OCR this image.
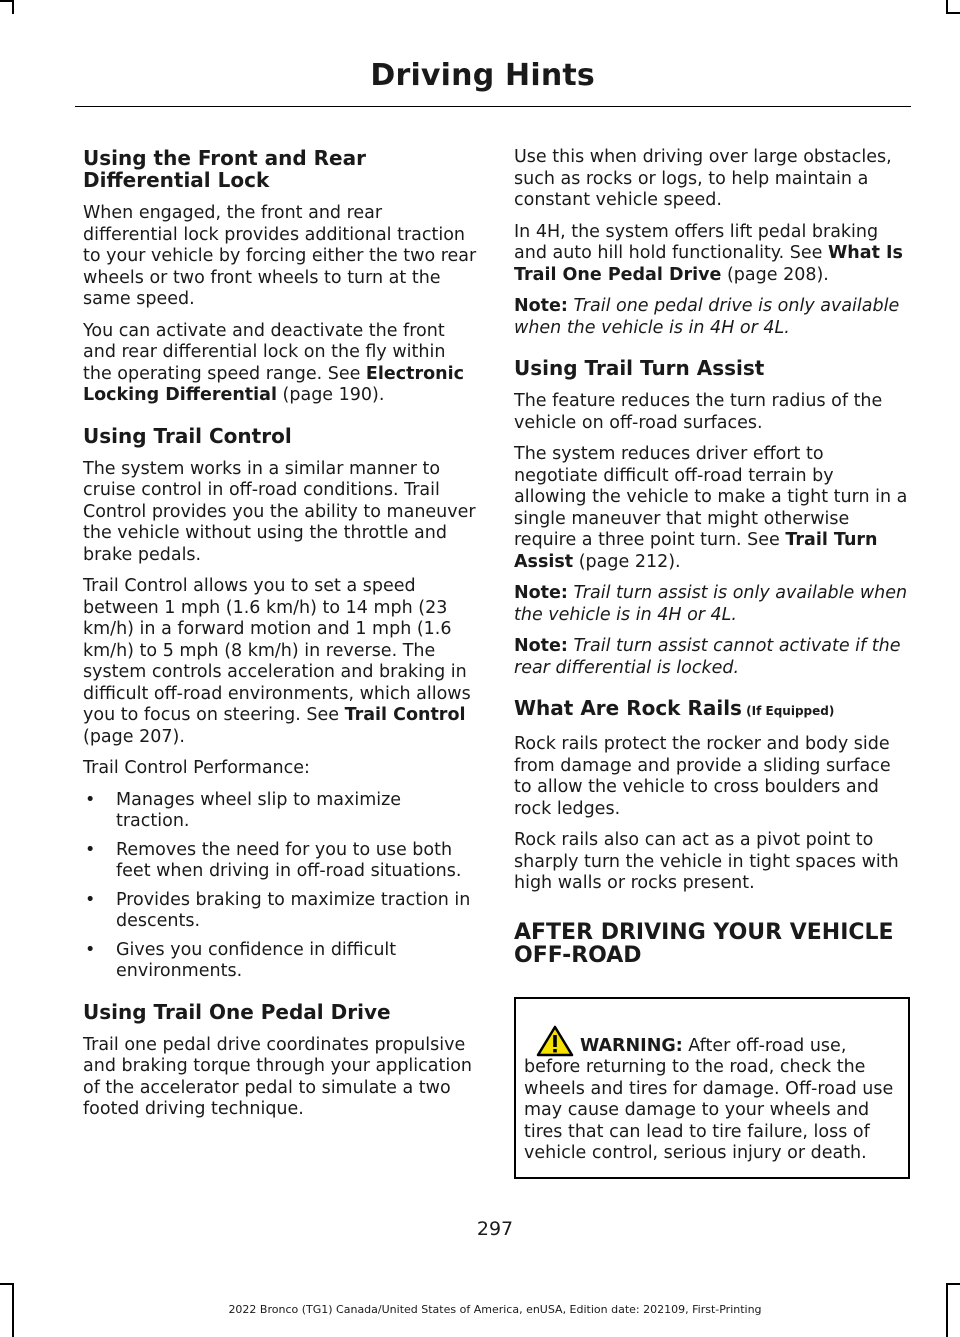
Driving Hints
Using the Front and Rear Differential Lock

When engaged, the front and rear differential lock provides additional traction to your vehicle by forcing either the two rear wheels or two front wheels to turn at the same speed.

You can activate and deactivate the front and rear differential lock on the fly within the operating speed range. See Electronic Locking Differential (page 190).

Using Trail Control

The system works in a similar manner to cruise control in off-road conditions. Trail Control provides you the ability to maneuver the vehicle without using the throttle and brake pedals.

Trail Control allows you to set a speed between 1 mph (1.6 km/h) to 14 mph (23 km/h) in a forward motion and 1 mph (1.6 km/h) to 5 mph (8 km/h) in reverse. The system controls acceleration and braking in difficult off-road environments, which allows you to focus on steering. See Trail Control (page 207).

Trail Control Performance:

• Manages wheel slip to maximize traction.
• Removes the need for you to use both feet when driving in off-road situations.
• Provides braking to maximize traction in descents.
• Gives you confidence in difficult environments.
Using Trail One Pedal Drive

Trail one pedal drive coordinates propulsive and braking torque through your application of the accelerator pedal to simulate a two footed driving technique.

Use this when driving over large obstacles, such as rocks or logs, to help maintain a constant vehicle speed.

In 4H, the system offers lift pedal braking and auto hill hold functionality. See What Is Trail One Pedal Drive (page 208).

Note: Trail one pedal drive is only available when the vehicle is in 4H or 4L.

Using Trail Turn Assist

The feature reduces the turn radius of the vehicle on off-road surfaces.

The system reduces driver effort to negotiate difficult off-road terrain by allowing the vehicle to make a tight turn in a single maneuver that might otherwise require a three point turn. See Trail Turn Assist (page 212).

Note: Trail turn assist is only available when the vehicle is in 4H or 4L.

Note: Trail turn assist cannot activate if the rear differential is locked.

What Are Rock Rails (If Equipped)

Rock rails protect the rocker and body side from damage and provide a sliding surface to allow the vehicle to cross boulders and rock ledges.

Rock rails also can act as a pivot point to sharply turn the vehicle in tight spaces with high walls or rocks present.

AFTER DRIVING YOUR VEHICLE OFF-ROAD
WARNING: After off-road use, before returning to the road, check the wheels and tires for damage. Off-road use may cause damage to your wheels and tires that can lead to tire failure, loss of vehicle control, serious injury or death.
297
2022 Bronco (TG1) Canada/United States of America, enUSA, Edition date: 202109, First-Printing
